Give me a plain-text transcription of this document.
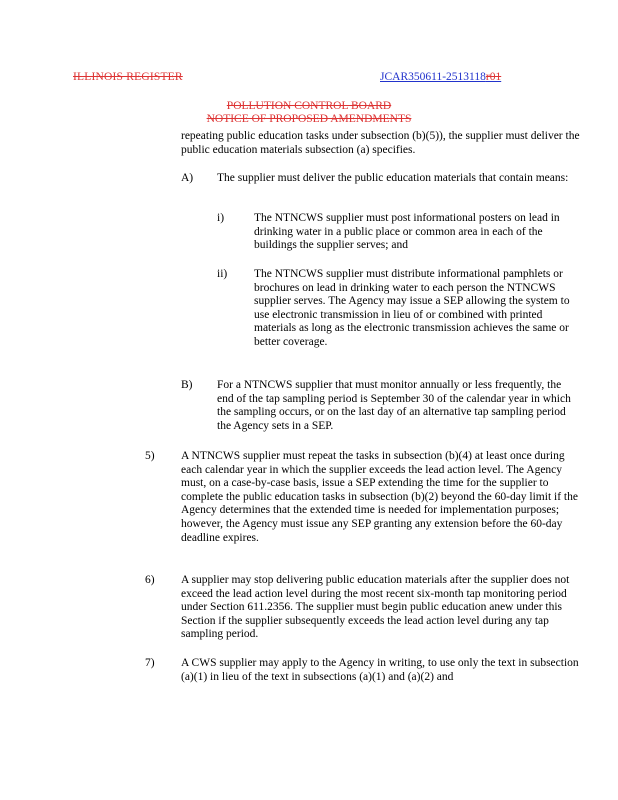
ILLINOIS REGISTER	JCAR350611-2513118r01
POLLUTION CONTROL BOARD
NOTICE OF PROPOSED AMENDMENTS
repeating public education tasks under subsection (b)(5)), the supplier must deliver the public education materials subsection (a) specifies.
A) The supplier must deliver the public education materials that contain means:
i)	The NTNCWS supplier must post informational posters on lead in drinking water in a public place or common area in each of the buildings the supplier serves; and
ii) The NTNCWS supplier must distribute informational pamphlets or brochures on lead in drinking water to each person the NTNCWS supplier serves. The Agency may issue a SEP allowing the system to use electronic transmission in lieu of or combined with printed materials as long as the electronic transmission achieves the same or better coverage.
B) For a NTNCWS supplier that must monitor annually or less frequently, the end of the tap sampling period is September 30 of the calendar year in which the sampling occurs, or on the last day of an alternative tap sampling period the Agency sets in a SEP.
5) A NTNCWS supplier must repeat the tasks in subsection (b)(4) at least once during each calendar year in which the supplier exceeds the lead action level. The Agency must, on a case-by-case basis, issue a SEP extending the time for the supplier to complete the public education tasks in subsection (b)(2) beyond the 60-day limit if the Agency determines that the extended time is needed for implementation purposes; however, the Agency must issue any SEP granting any extension before the 60-day deadline expires.
6) A supplier may stop delivering public education materials after the supplier does not exceed the lead action level during the most recent six-month tap monitoring period under Section 611.2356. The supplier must begin public education anew under this Section if the supplier subsequently exceeds the lead action level during any tap sampling period.
7) A CWS supplier may apply to the Agency in writing, to use only the text in subsection (a)(1) in lieu of the text in subsections (a)(1) and (a)(2) and
